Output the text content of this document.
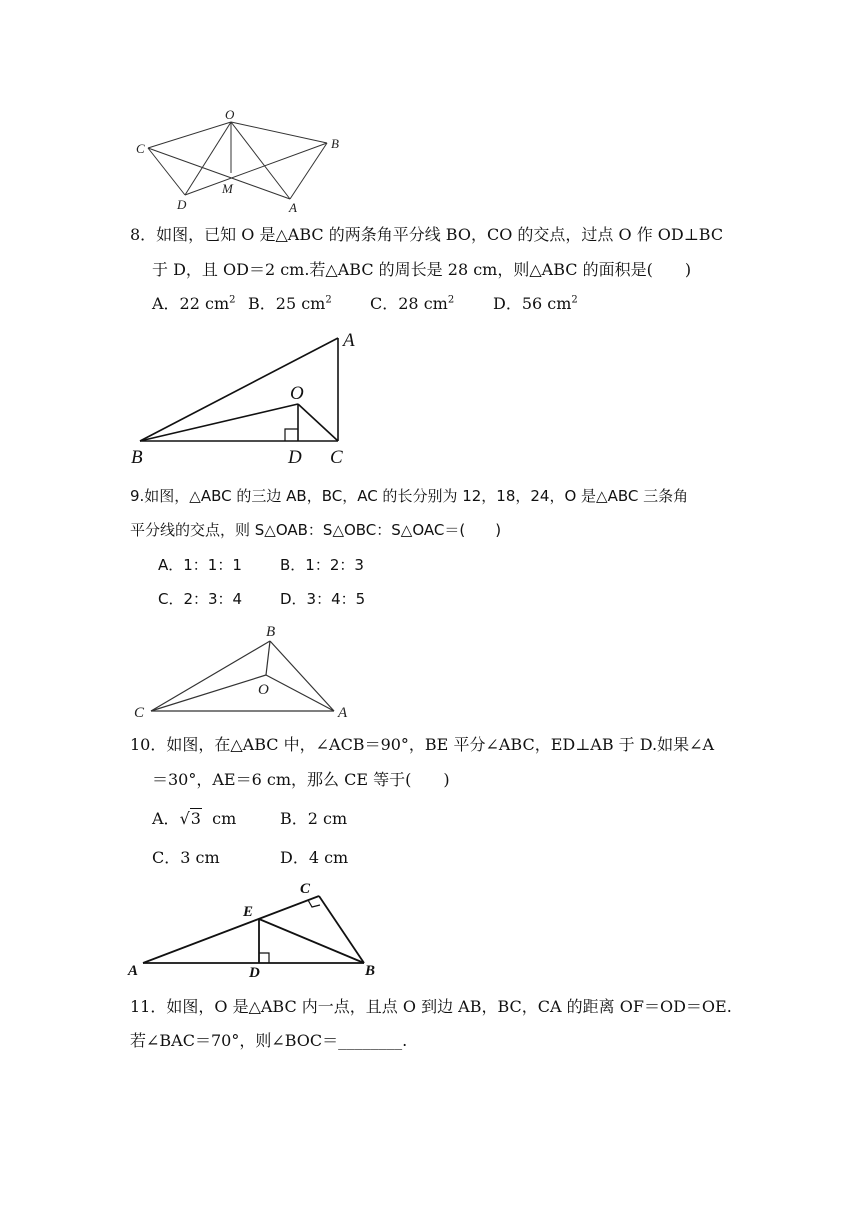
O
C	B
M
D	A
8．如图，已知 O 是△ABC 的两条角平分线 BO，CO 的交点，过点 O 作 OD⊥BC
于 D，且 OD＝2 cm.若△ABC 的周长是 28 cm，则△ABC 的面积是(　　)
A．22 $cm^2$ B．25 $cm^2$ C．28 $cm^2$ D．56 $cm^2$
A
O
B	D C
9.如图，△ABC 的三边 AB，BC，AC 的长分别为 12，18，24，O 是△ABC 三条角
平分线的交点，则 S△OAB：S△OBC：S△OAC＝(　　)
A．1：1：1	B．1：2：3
C．2：3：4	D．3：4：5
B
O
C	A
10．如图，在△ABC 中，∠ACB＝90°，BE 平分∠ABC，ED⊥AB 于 D.如果∠A
＝30°，AE＝6 cm，那么 CE 等于(　　)
A．√3 cm	B．2 cm
C．3 cm	D．4 cm
C
E
A	D	B
11．如图，O 是△ABC 内一点，且点 O 到边 AB，BC，CA 的距离 OF＝OD＝OE.
若∠BAC＝70°，则∠BOC＝________.
